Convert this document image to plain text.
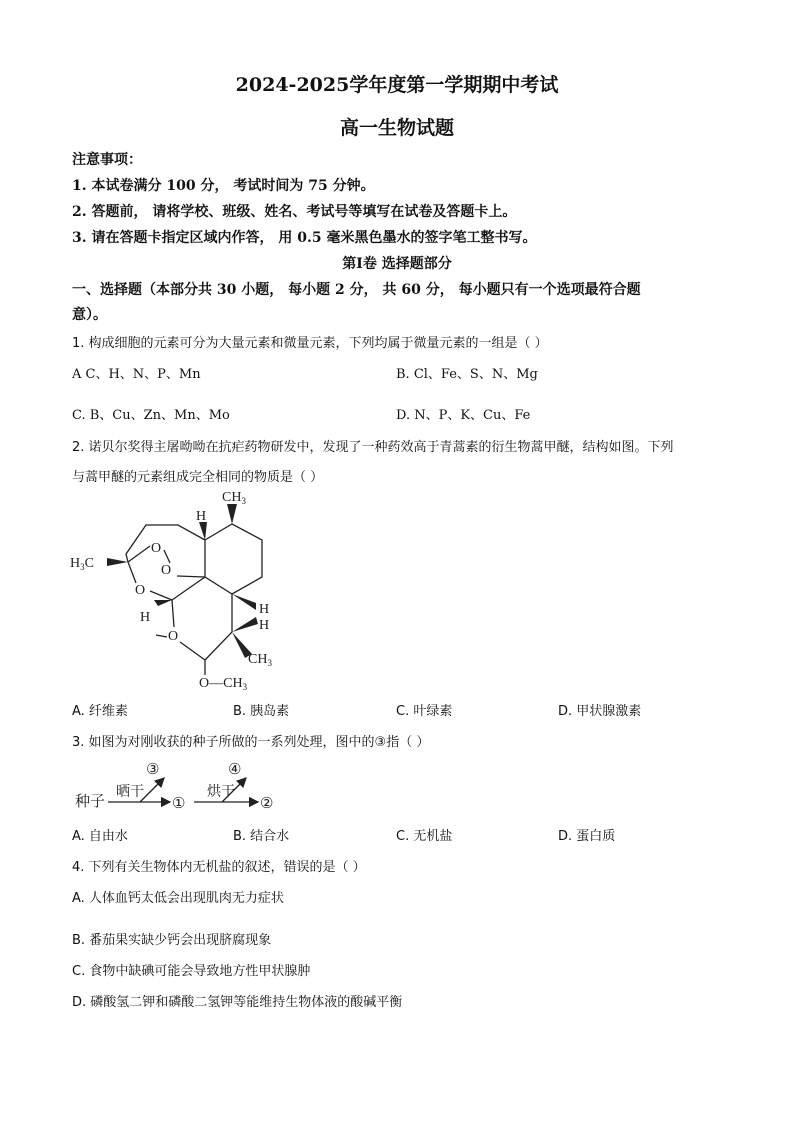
2024-2025学年度第一学期期中考试
高一生物试题
注意事项：
1. 本试卷满分 100 分， 考试时间为 75 分钟。
2. 答题前， 请将学校、班级、姓名、考试号等填写在试卷及答题卡上。
3. 请在答题卡指定区域内作答， 用 0.5 毫米黑色墨水的签字笔工整书写。
第Ⅰ卷 选择题部分
一、选择题（本部分共 30 小题， 每小题 2 分， 共 60 分， 每小题只有一个选项最符合题
意）。
1. 构成细胞的元素可分为大量元素和微量元素，下列均属于微量元素的一组是（ ）
A C、H、N、P、Mn	B. Cl、Fe、S、N、Mg
C. B、Cu、Zn、Mn、Mo	D. N、P、K、Cu、Fe
2. 诺贝尔奖得主屠呦呦在抗疟药物研发中，发现了一种药效高于青蒿素的衍生物蒿甲醚，结构如图。下列
与蒿甲醚的元素组成完全相同的物质是（ ）
$CH_3$
$H_3C$
H
O
O
O
H
O
H
H
$CH_3$
$O—CH_3$
A. 纤维素	B. 胰岛素	C. 叶绿素	D. 甲状腺激素
3. 如图为对刚收获的种子所做的一系列处理，图中的③指（ ）
种子
晒干	烘干
①	②
③	④
A. 自由水	B. 结合水	C. 无机盐	D. 蛋白质
4. 下列有关生物体内无机盐的叙述，错误的是（ ）
A. 人体血钙太低会出现肌肉无力症状
B. 番茄果实缺少钙会出现脐腐现象
C. 食物中缺碘可能会导致地方性甲状腺肿
D. 磷酸氢二钾和磷酸二氢钾等能维持生物体液的酸碱平衡
